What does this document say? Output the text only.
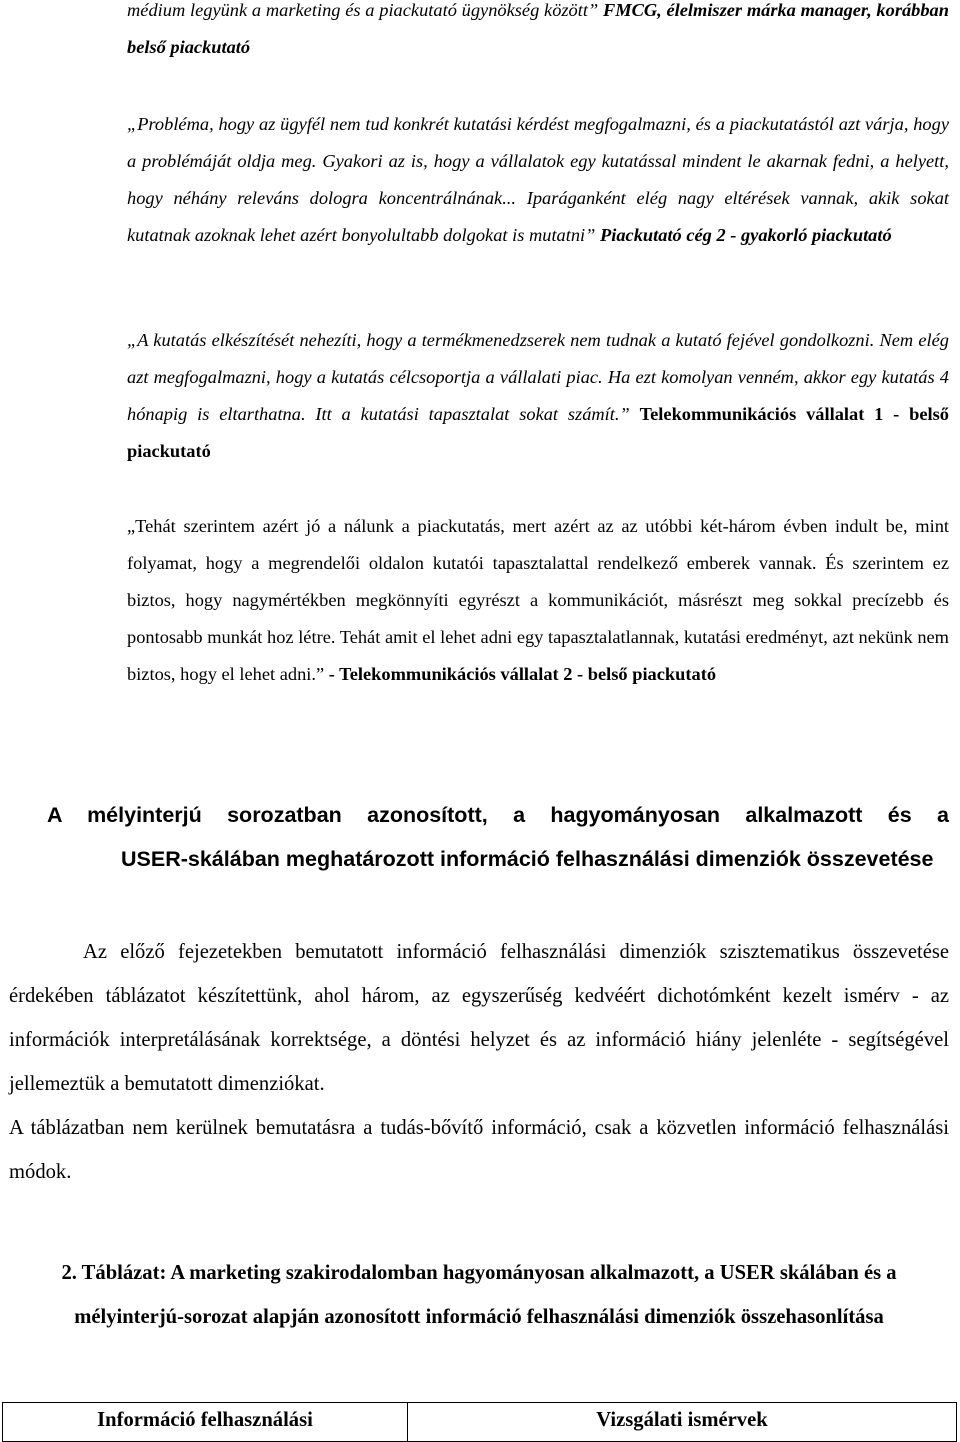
médium legyünk a marketing és a piackutató ügynökség között” FMCG, élelmiszer márka manager, korábban belső piackutató
„Probléma, hogy az ügyfél nem tud konkrét kutatási kérdést megfogalmazni, és a piackutatástól azt várja, hogy a problémáját oldja meg. Gyakori az is, hogy a vállalatok egy kutatással mindent le akarnak fedni, a helyett, hogy néhány releváns dologra koncentrálnának... Iparáganként elég nagy eltérések vannak, akik sokat kutatnak azoknak lehet azért bonyolultabb dolgokat is mutatni” Piackutató cég 2 - gyakorló piackutató
„A kutatás elkészítését nehezíti, hogy a termékmenedzserek nem tudnak a kutató fejével gondolkozni. Nem elég azt megfogalmazni, hogy a kutatás célcsoportja a vállalati piac. Ha ezt komolyan venném, akkor egy kutatás 4 hónapig is eltarthatna. Itt a kutatási tapasztalat sokat számít.” Telekommunikációs vállalat 1 - belső piackutató
„Tehát szerintem azért jó a nálunk a piackutatás, mert azért az az utóbbi két-három évben indult be, mint folyamat, hogy a megrendelői oldalon kutatói tapasztalattal rendelkező emberek vannak. És szerintem ez biztos, hogy nagymértékben megkönnyíti egyrészt a kommunikációt, másrészt meg sokkal precízebb és pontosabb munkát hoz létre. Tehát amit el lehet adni egy tapasztalatlannak, kutatási eredményt, azt nekünk nem biztos, hogy el lehet adni.” - Telekommunikációs vállalat 2 - belső piackutató
A mélyinterjú sorozatban azonosított, a hagyományosan alkalmazott és a
USER-skálában meghatározott információ felhasználási dimenziók összevetése
Az előző fejezetekben bemutatott információ felhasználási dimenziók szisztematikus összevetése érdekében táblázatot készítettünk, ahol három, az egyszerűség kedvéért dichotómként kezelt ismérv - az információk interpretálásának korrektsége, a döntési helyzet és az információ hiány jelenléte - segítségével jellemeztük a bemutatott dimenziókat.
A táblázatban nem kerülnek bemutatásra a tudás-bővítő információ, csak a közvetlen információ felhasználási módok.
2. Táblázat: A marketing szakirodalomban hagyományosan alkalmazott, a USER skálában és a mélyinterjú-sorozat alapján azonosított információ felhasználási dimenziók összehasonlítása
Információ felhasználási	Vizsgálati ismérvek
